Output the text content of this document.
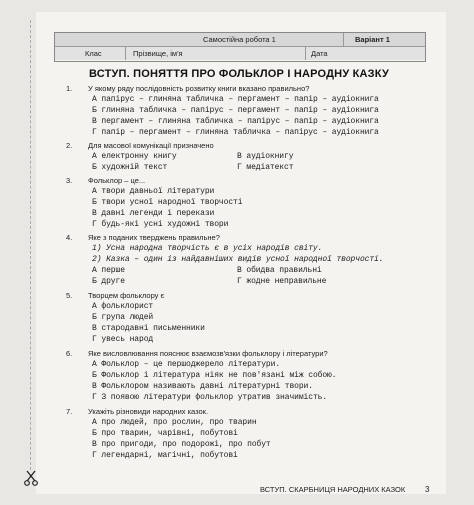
Самостійна робота 1	Варіант 1
Клас	Прізвище, ім'я	Дата
ВСТУП. ПОНЯТТЯ ПРО ФОЛЬКЛОР І НАРОДНУ КАЗКУ
1. У якому ряду послідовність розвитку книги вказано правильно?
А папірус – глиняна табличка – пергамент – папір – аудіокнига
Б глиняна табличка – папірус – пергамент – папір – аудіокнига
В пергамент – глиняна табличка – папірус – папір – аудіокнига
Г папір – пергамент – глиняна табличка – папірус – аудіокнига
2. Для масової комунікації призначено
А електронну книгу
Б художній текст
В аудіокнигу
Г медіатекст
3. Фольклор – це...
А твори давньої літератури
Б твори усної народної творчості
В давні легенди і перекази
Г будь-які усні художні твори
4. Яке з поданих тверджень правильне?
1) Усна народна творчість є в усіх народів світу.
2) Казка – один із найдавніших видів усної народної творчості.
А перше
Б друге
В обидва правильні
Г жодне неправильне
5. Творцем фольклору є
А фольклорист
Б група людей
В стародавні письменники
Г увесь народ
6. Яке висловлювання пояснює взаємозв'язки фольклору і літератури?
А Фольклор – це першоджерело літератури.
Б Фольклор і література ніяк не пов'язані між собою.
В Фольклором називають давні літературні твори.
Г З появою літератури фольклор утратив значимість.
7. Укажіть різновиди народних казок.
А про людей, про рослин, про тварин
Б про тварин, чарівні, побутові
В про пригоди, про подорожі, про побут
Г легендарні, магічні, побутові
ВСТУП. СКАРБНИЦЯ НАРОДНИХ КАЗОК	3
